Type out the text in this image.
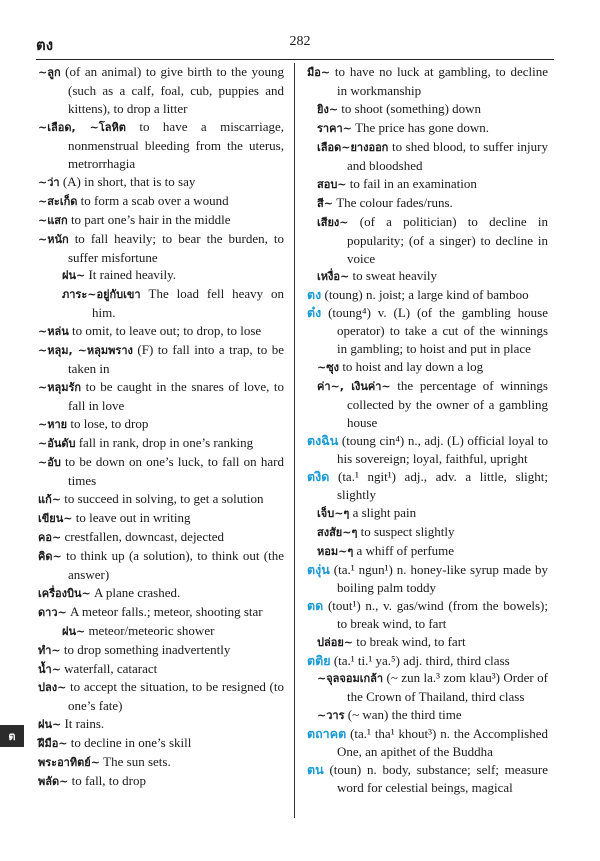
ตง	282

~ลูก (of an animal) to give birth to the young (such as a calf, foal, cub, puppies and kittens), to drop a litter

~เลือด, ~โลหิต to have a miscarriage, nonmenstrual bleeding from the uterus, metrorrhagia

~ว่า (A) in short, that is to say

~สะเก็ด to form a scab over a wound

~แสก to part one’s hair in the middle

~หนัก to fall heavily; to bear the burden, to suffer misfortune

ฝน~ It rained heavily.

ภาระ~อยู่กับเขา The load fell heavy on him.

~หล่น to omit, to leave out; to drop, to lose

~หลุม, ~หลุมพราง (F) to fall into a trap, to be taken in

~หลุมรัก to be caught in the snares of love, to fall in love

~หาย to lose, to drop

~อันดับ fall in rank, drop in one’s ranking

~อับ to be down on one’s luck, to fall on hard times

แก้~ to succeed in solving, to get a solution

เขียน~ to leave out in writing

คอ~ crestfallen, downcast, dejected

คิด~ to think up (a solution), to think out (the answer)

เครื่องบิน~ A plane crashed.

ดาว~ A meteor falls.; meteor, shooting star

ฝน~ meteor/meteoric shower

ทำ~ to drop something inadvertently

น้ำ~ waterfall, cataract

ปลง~ to accept the situation, to be resigned (to one’s fate)

ฝน~ It rains.

ฝีมือ~ to decline in one’s skill

พระอาทิตย์~ The sun sets.

พลัด~ to fall, to drop

มือ~ to have no luck at gambling, to decline in workmanship

ยิง~ to shoot (something) down

ราคา~ The price has gone down.

เลือด~ยางออก to shed blood, to suffer injury and bloodshed

สอบ~ to fail in an examination

สี~ The colour fades/runs.

เสียง~ (of a politician) to decline in popularity; (of a singer) to decline in voice

เหงื่อ~ to sweat heavily

ตง (toung) n. joist; a large kind of bamboo

ต๋ง (toung⁴) v. (L) (of the gambling house operator) to take a cut of the winnings in gambling; to hoist and put in place

~ซุง to hoist and lay down a log

ค่า~, เงินค่า~ the percentage of winnings collected by the owner of a gambling house

ตงฉิน (toung cin⁴) n., adj. (L) official loyal to his sovereign; loyal, faithful, upright

ตงิด (ta.¹ ngit¹) adj., adv. a little, slight; slightly

เจ็บ~ๆ a slight pain

สงสัย~ๆ to suspect slightly

หอม~ๆ a whiff of perfume

ตงุ่น (ta.¹ ngun¹) n. honey-like syrup made by boiling palm toddy

ตด (tout¹) n., v. gas/wind (from the bowels); to break wind, to fart

ปล่อย~ to break wind, to fart

ตติย (ta.¹ ti.¹ ya.⁵) adj. third, third class

~จุลจอมเกล้า (~ zun la.³ zom klau³) Order of the Crown of Thailand, third class

~วาร (~ wan) the third time

ตถาคต (ta.¹ tha¹ khout³) n. the Accomplished One, an apithet of the Buddha

ตน (toun) n. body, substance; self; measure word for celestial beings, magical

ต
